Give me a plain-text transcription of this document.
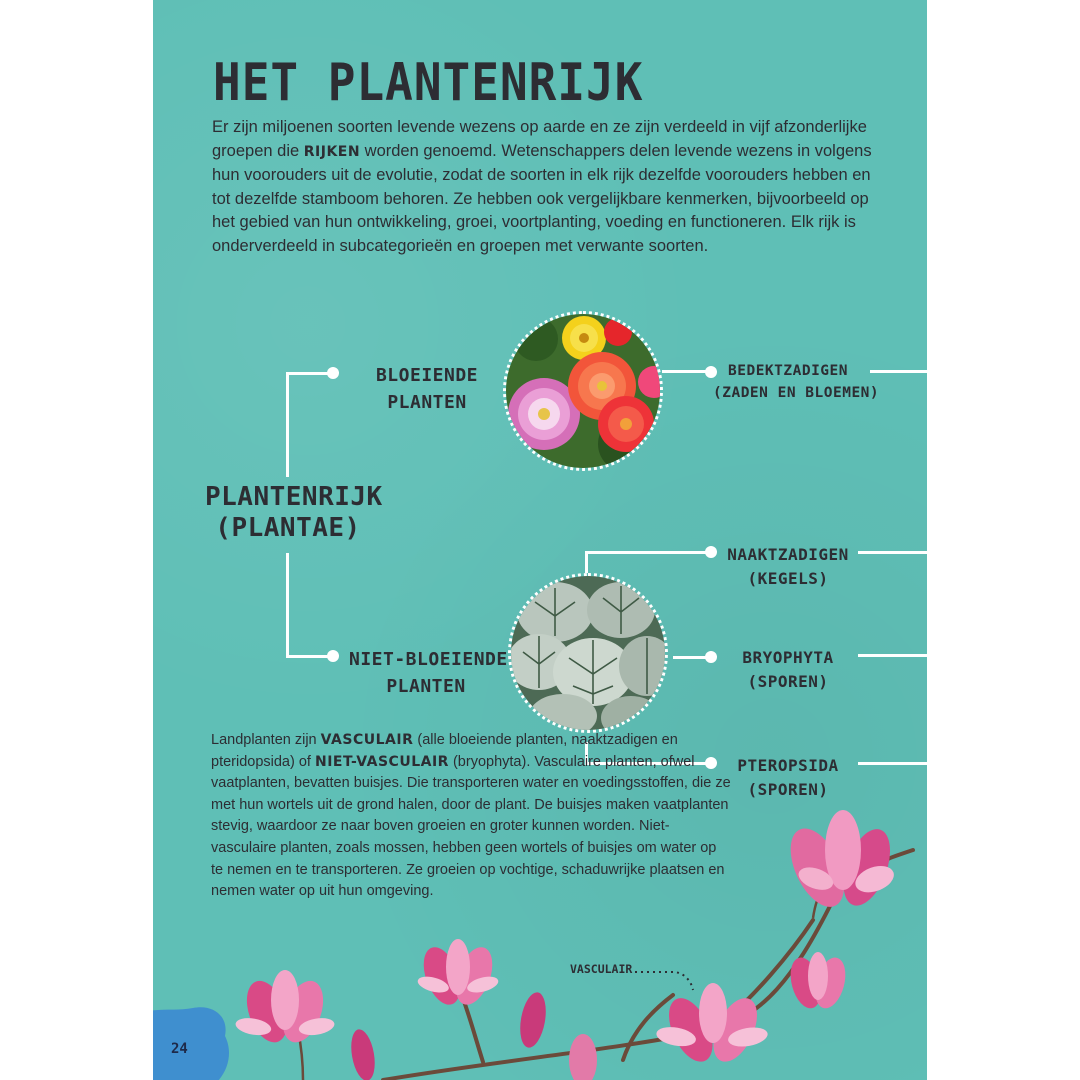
HET PLANTENRIJK

Er zijn miljoenen soorten levende wezens op aarde en ze zijn verdeeld in vijf afzonderlijke groepen die RIJKEN worden genoemd. Wetenschappers delen levende wezens in volgens hun voorouders uit de evolutie, zodat de soorten in elk rijk dezelfde voorouders hebben en tot dezelfde stamboom behoren. Ze hebben ook vergelijkbare kenmerken, bijvoorbeeld op het gebied van hun ontwikkeling, groei, voortplanting, voeding en functioneren. Elk rijk is onderverdeeld in subcategorieën en groepen met verwante soorten.

PLANTENRIJK
(PLANTAE)
BLOEIENDE
PLANTEN
NIET-BLOEIENDE
PLANTEN
BEDEKTZADIGEN
(ZADEN EN BLOEMEN)
NAAKTZADIGEN
(KEGELS)
BRYOPHYTA
(SPOREN)
PTEROPSIDA
(SPOREN)

Landplanten zijn VASCULAIR (alle bloeiende planten, naaktzadigen en pteridopsida) of NIET-VASCULAIR (bryophyta). Vasculaire planten, ofwel vaatplanten, bevatten buisjes. Die transporteren water en voedingsstoffen, die ze met hun wortels uit de grond halen, door de plant. De buisjes maken vaatplanten stevig, waardoor ze naar boven groeien en groter kunnen worden. Niet-vasculaire planten, zoals mossen, hebben geen wortels of buisjes om water op te nemen en te transporteren. Ze groeien op vochtige, schaduwrijke plaatsen en nemen water op uit hun omgeving.

VASCULAIR
24
